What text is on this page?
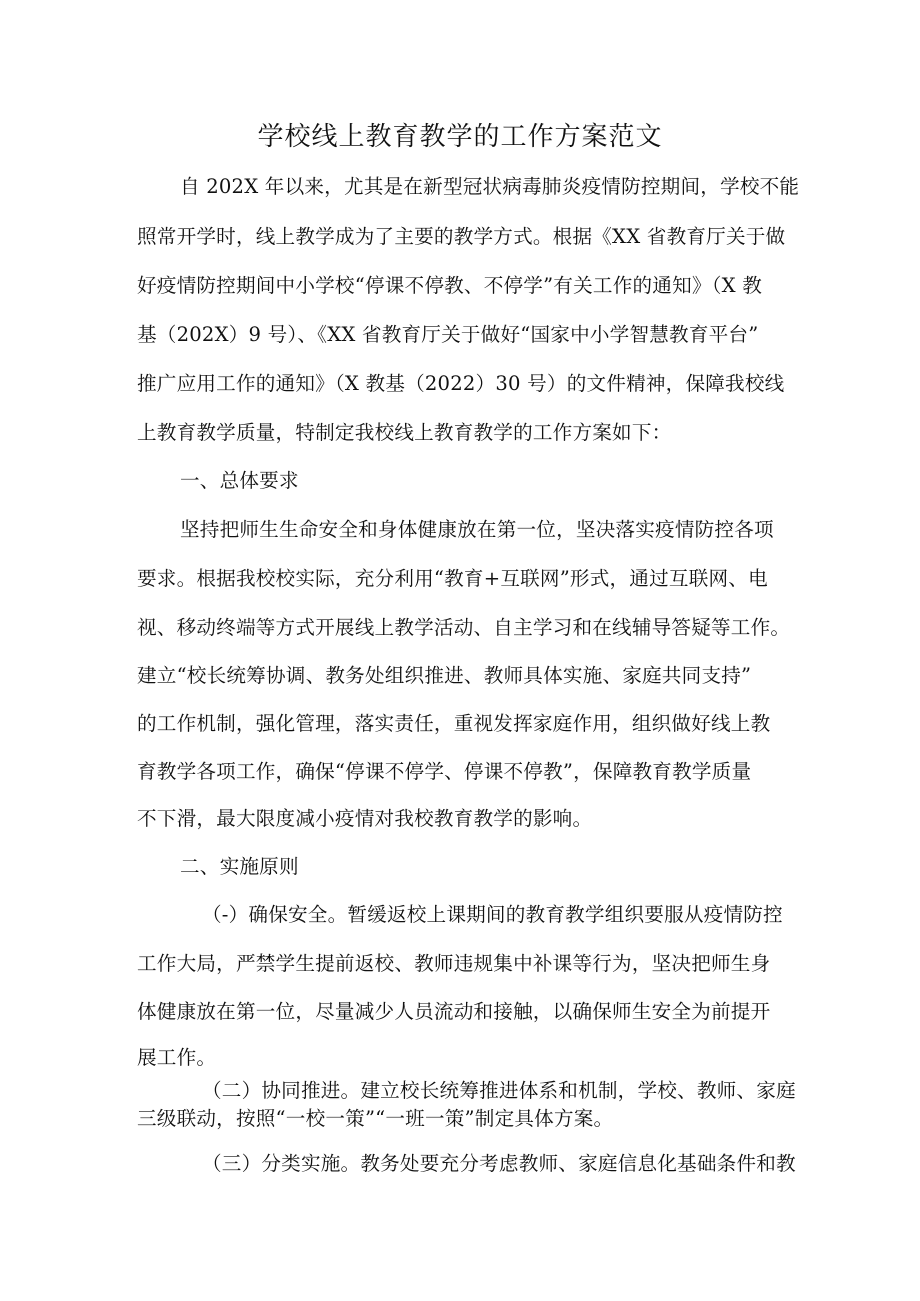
学校线上教育教学的工作方案范文
自 202X 年以来，尤其是在新型冠状病毒肺炎疫情防控期间，学校不能
照常开学时，线上教学成为了主要的教学方式。根据《XX 省教育厅关于做
好疫情防控期间中小学校“停课不停教、不停学”有关工作的通知》（X 教
基（202X）9 号）、《XX 省教育厅关于做好“国家中小学智慧教育平台”
推广应用工作的通知》（X 教基（2022）30 号）的文件精神，保障我校线
上教育教学质量，特制定我校线上教育教学的工作方案如下：
一、总体要求
坚持把师生生命安全和身体健康放在第一位，坚决落实疫情防控各项
要求。根据我校校实际，充分利用“教育+互联网”形式，通过互联网、电
视、移动终端等方式开展线上教学活动、自主学习和在线辅导答疑等工作。
建立“校长统筹协调、教务处组织推进、教师具体实施、家庭共同支持”
的工作机制，强化管理，落实责任，重视发挥家庭作用，组织做好线上教
育教学各项工作，确保“停课不停学、停课不停教”，保障教育教学质量
不下滑，最大限度减小疫情对我校教育教学的影响。
二、实施原则
（-）确保安全。暂缓返校上课期间的教育教学组织要服从疫情防控
工作大局，严禁学生提前返校、教师违规集中补课等行为，坚决把师生身
体健康放在第一位，尽量减少人员流动和接触，以确保师生安全为前提开
展工作。
（二）协同推进。建立校长统筹推进体系和机制，学校、教师、家庭
三级联动，按照“一校一策”“一班一策”制定具体方案。
（三）分类实施。教务处要充分考虑教师、家庭信息化基础条件和教
